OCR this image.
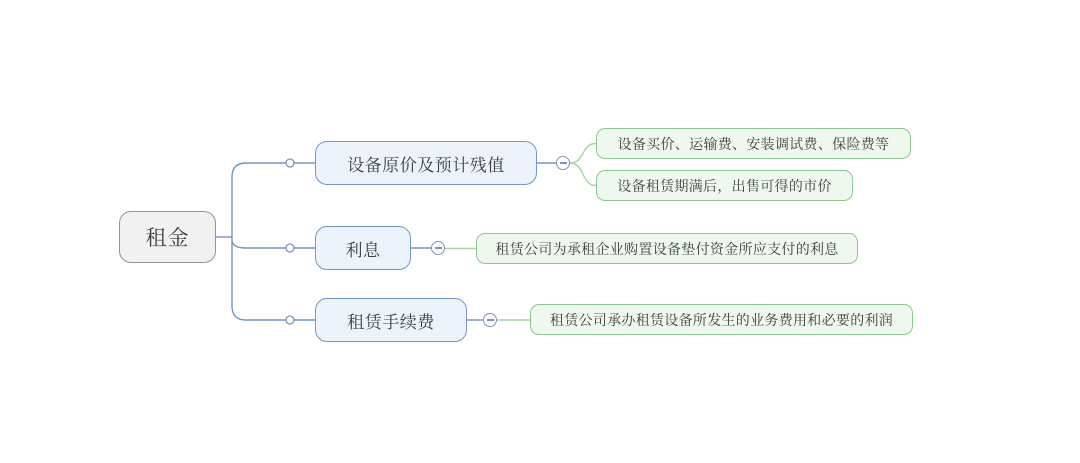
租金
设备原价及预计残值
利息
租赁手续费
设备买价、运输费、安装调试费、保险费等
设备租赁期满后，出售可得的市价
租赁公司为承租企业购置设备垫付资金所应支付的利息
租赁公司承办租赁设备所发生的业务费用和必要的利润
